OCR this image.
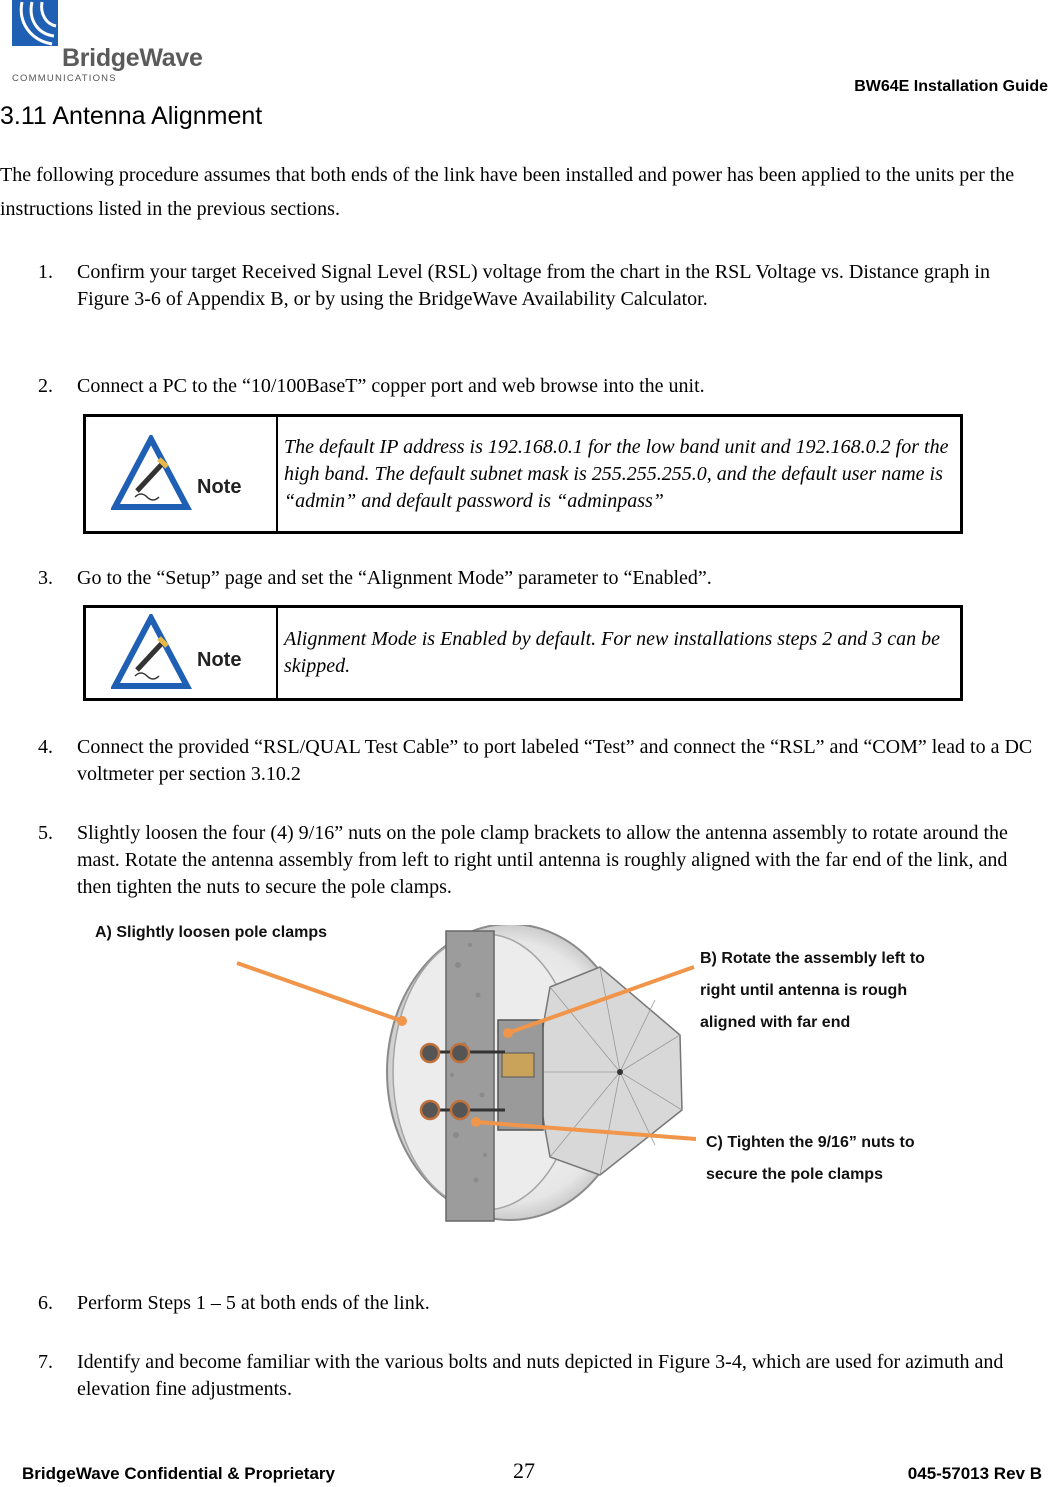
BridgeWave
COMMUNICATIONS	BW64E Installation Guide
3.11 Antenna Alignment
The following procedure assumes that both ends of the link have been installed and power has been applied to the units per the instructions listed in the previous sections.
1. Confirm your target Received Signal Level (RSL) voltage from the chart in the RSL Voltage vs. Distance graph in Figure 3-6 of Appendix B, or by using the BridgeWave Availability Calculator.
2. Connect a PC to the “10/100BaseT” copper port and web browse into the unit.
Note
The default IP address is 192.168.0.1 for the low band unit and 192.168.0.2 for the high band. The default subnet mask is 255.255.255.0, and the default user name is “admin” and default password is “adminpass”
3. Go to the “Setup” page and set the “Alignment Mode” parameter to “Enabled”.
Note
Alignment Mode is Enabled by default. For new installations steps 2 and 3 can be skipped.
4. Connect the provided “RSL/QUAL Test Cable” to port labeled “Test” and connect the “RSL” and “COM” lead to a DC voltmeter per section 3.10.2
5. Slightly loosen the four (4) 9/16” nuts on the pole clamp brackets to allow the antenna assembly to rotate around the mast. Rotate the antenna assembly from left to right until antenna is roughly aligned with the far end of the link, and then tighten the nuts to secure the pole clamps.
A) Slightly loosen pole clamps
B) Rotate the assembly left to
right until antenna is rough
aligned with far end
C) Tighten the 9/16” nuts to
secure the pole clamps
6. Perform Steps 1 – 5 at both ends of the link.
7. Identify and become familiar with the various bolts and nuts depicted in Figure 3-4, which are used for azimuth and elevation fine adjustments.
BridgeWave Confidential & Proprietary	27	045-57013 Rev B
